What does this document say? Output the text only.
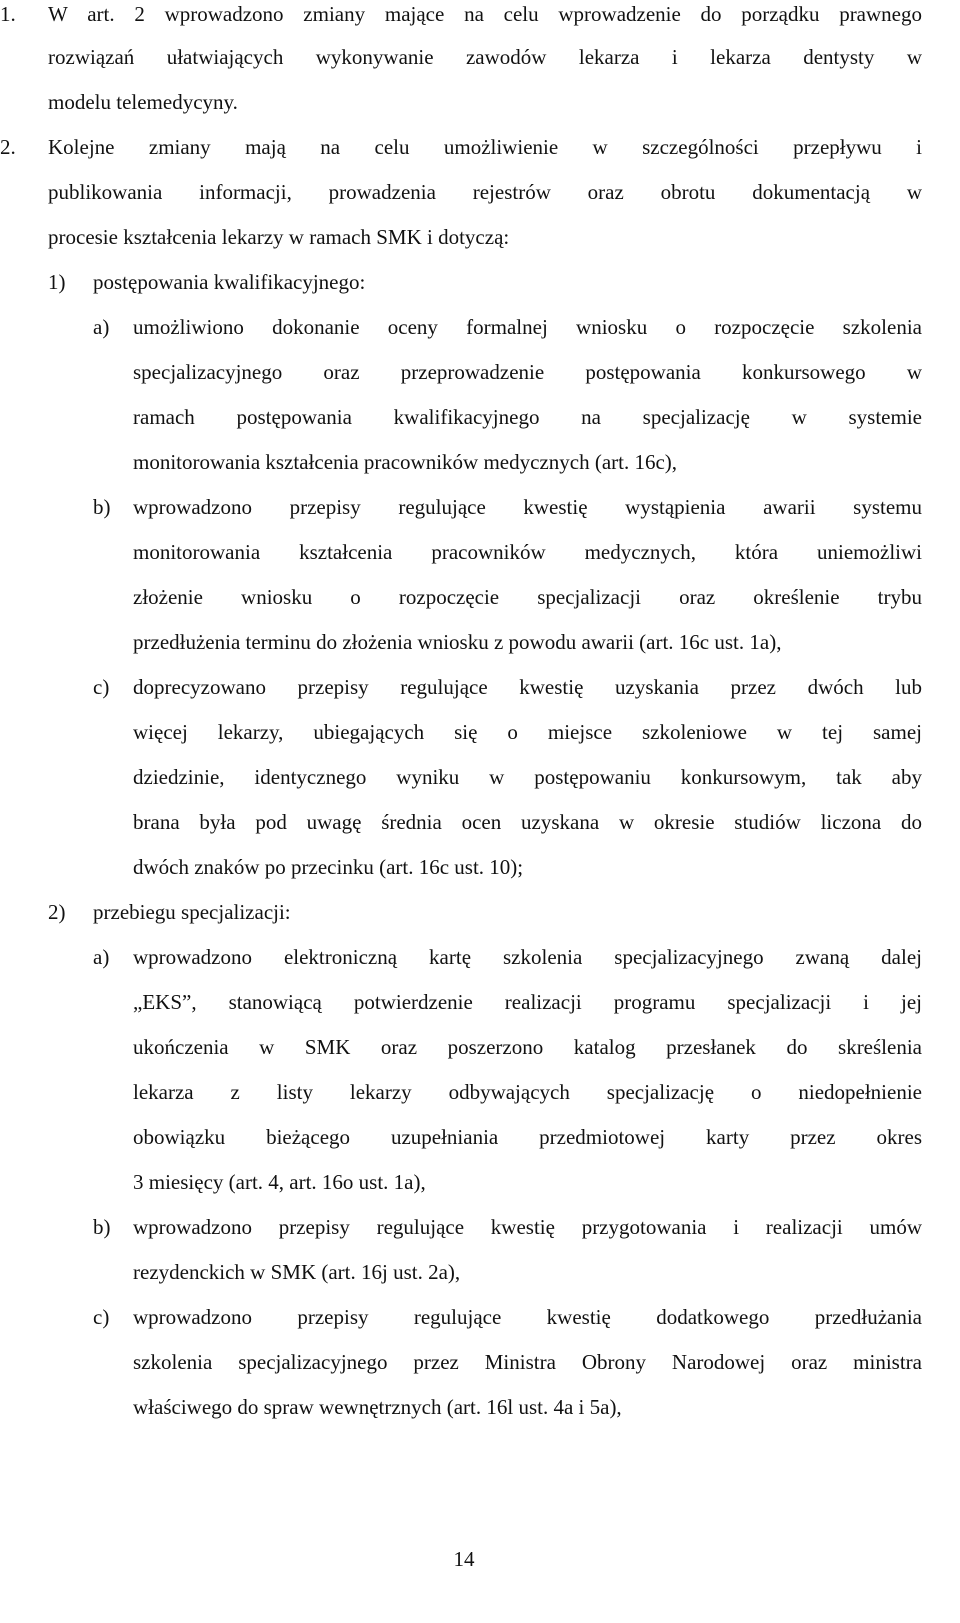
1. W art. 2 wprowadzono zmiany mające na celu wprowadzenie do porządku prawnego
rozwiązań ułatwiających wykonywanie zawodów lekarza i lekarza dentysty w
modelu telemedycyny.
2. Kolejne zmiany mają na celu umożliwienie w szczególności przepływu i
publikowania informacji, prowadzenia rejestrów oraz obrotu dokumentacją w
procesie kształcenia lekarzy w ramach SMK i dotyczą:
1) postępowania kwalifikacyjnego:
a) umożliwiono dokonanie oceny formalnej wniosku o rozpoczęcie szkolenia
specjalizacyjnego oraz przeprowadzenie postępowania konkursowego w
ramach postępowania kwalifikacyjnego na specjalizację w systemie
monitorowania kształcenia pracowników medycznych (art. 16c),
b) wprowadzono przepisy regulujące kwestię wystąpienia awarii systemu
monitorowania kształcenia pracowników medycznych, która uniemożliwi
złożenie wniosku o rozpoczęcie specjalizacji oraz określenie trybu
przedłużenia terminu do złożenia wniosku z powodu awarii (art. 16c ust. 1a),
c) doprecyzowano przepisy regulujące kwestię uzyskania przez dwóch lub
więcej lekarzy, ubiegających się o miejsce szkoleniowe w tej samej
dziedzinie, identycznego wyniku w postępowaniu konkursowym, tak aby
brana była pod uwagę średnia ocen uzyskana w okresie studiów liczona do
dwóch znaków po przecinku (art. 16c ust. 10);
2) przebiegu specjalizacji:
a) wprowadzono elektroniczną kartę szkolenia specjalizacyjnego zwaną dalej
„EKS”, stanowiącą potwierdzenie realizacji programu specjalizacji i jej
ukończenia w SMK oraz poszerzono katalog przesłanek do skreślenia
lekarza z listy lekarzy odbywających specjalizację o niedopełnienie
obowiązku bieżącego uzupełniania przedmiotowej karty przez okres
3 miesięcy (art. 4, art. 16o ust. 1a),
b) wprowadzono przepisy regulujące kwestię przygotowania i realizacji umów
rezydenckich w SMK (art. 16j ust. 2a),
c) wprowadzono przepisy regulujące kwestię dodatkowego przedłużania
szkolenia specjalizacyjnego przez Ministra Obrony Narodowej oraz ministra
właściwego do spraw wewnętrznych (art. 16l ust. 4a i 5a),
14
